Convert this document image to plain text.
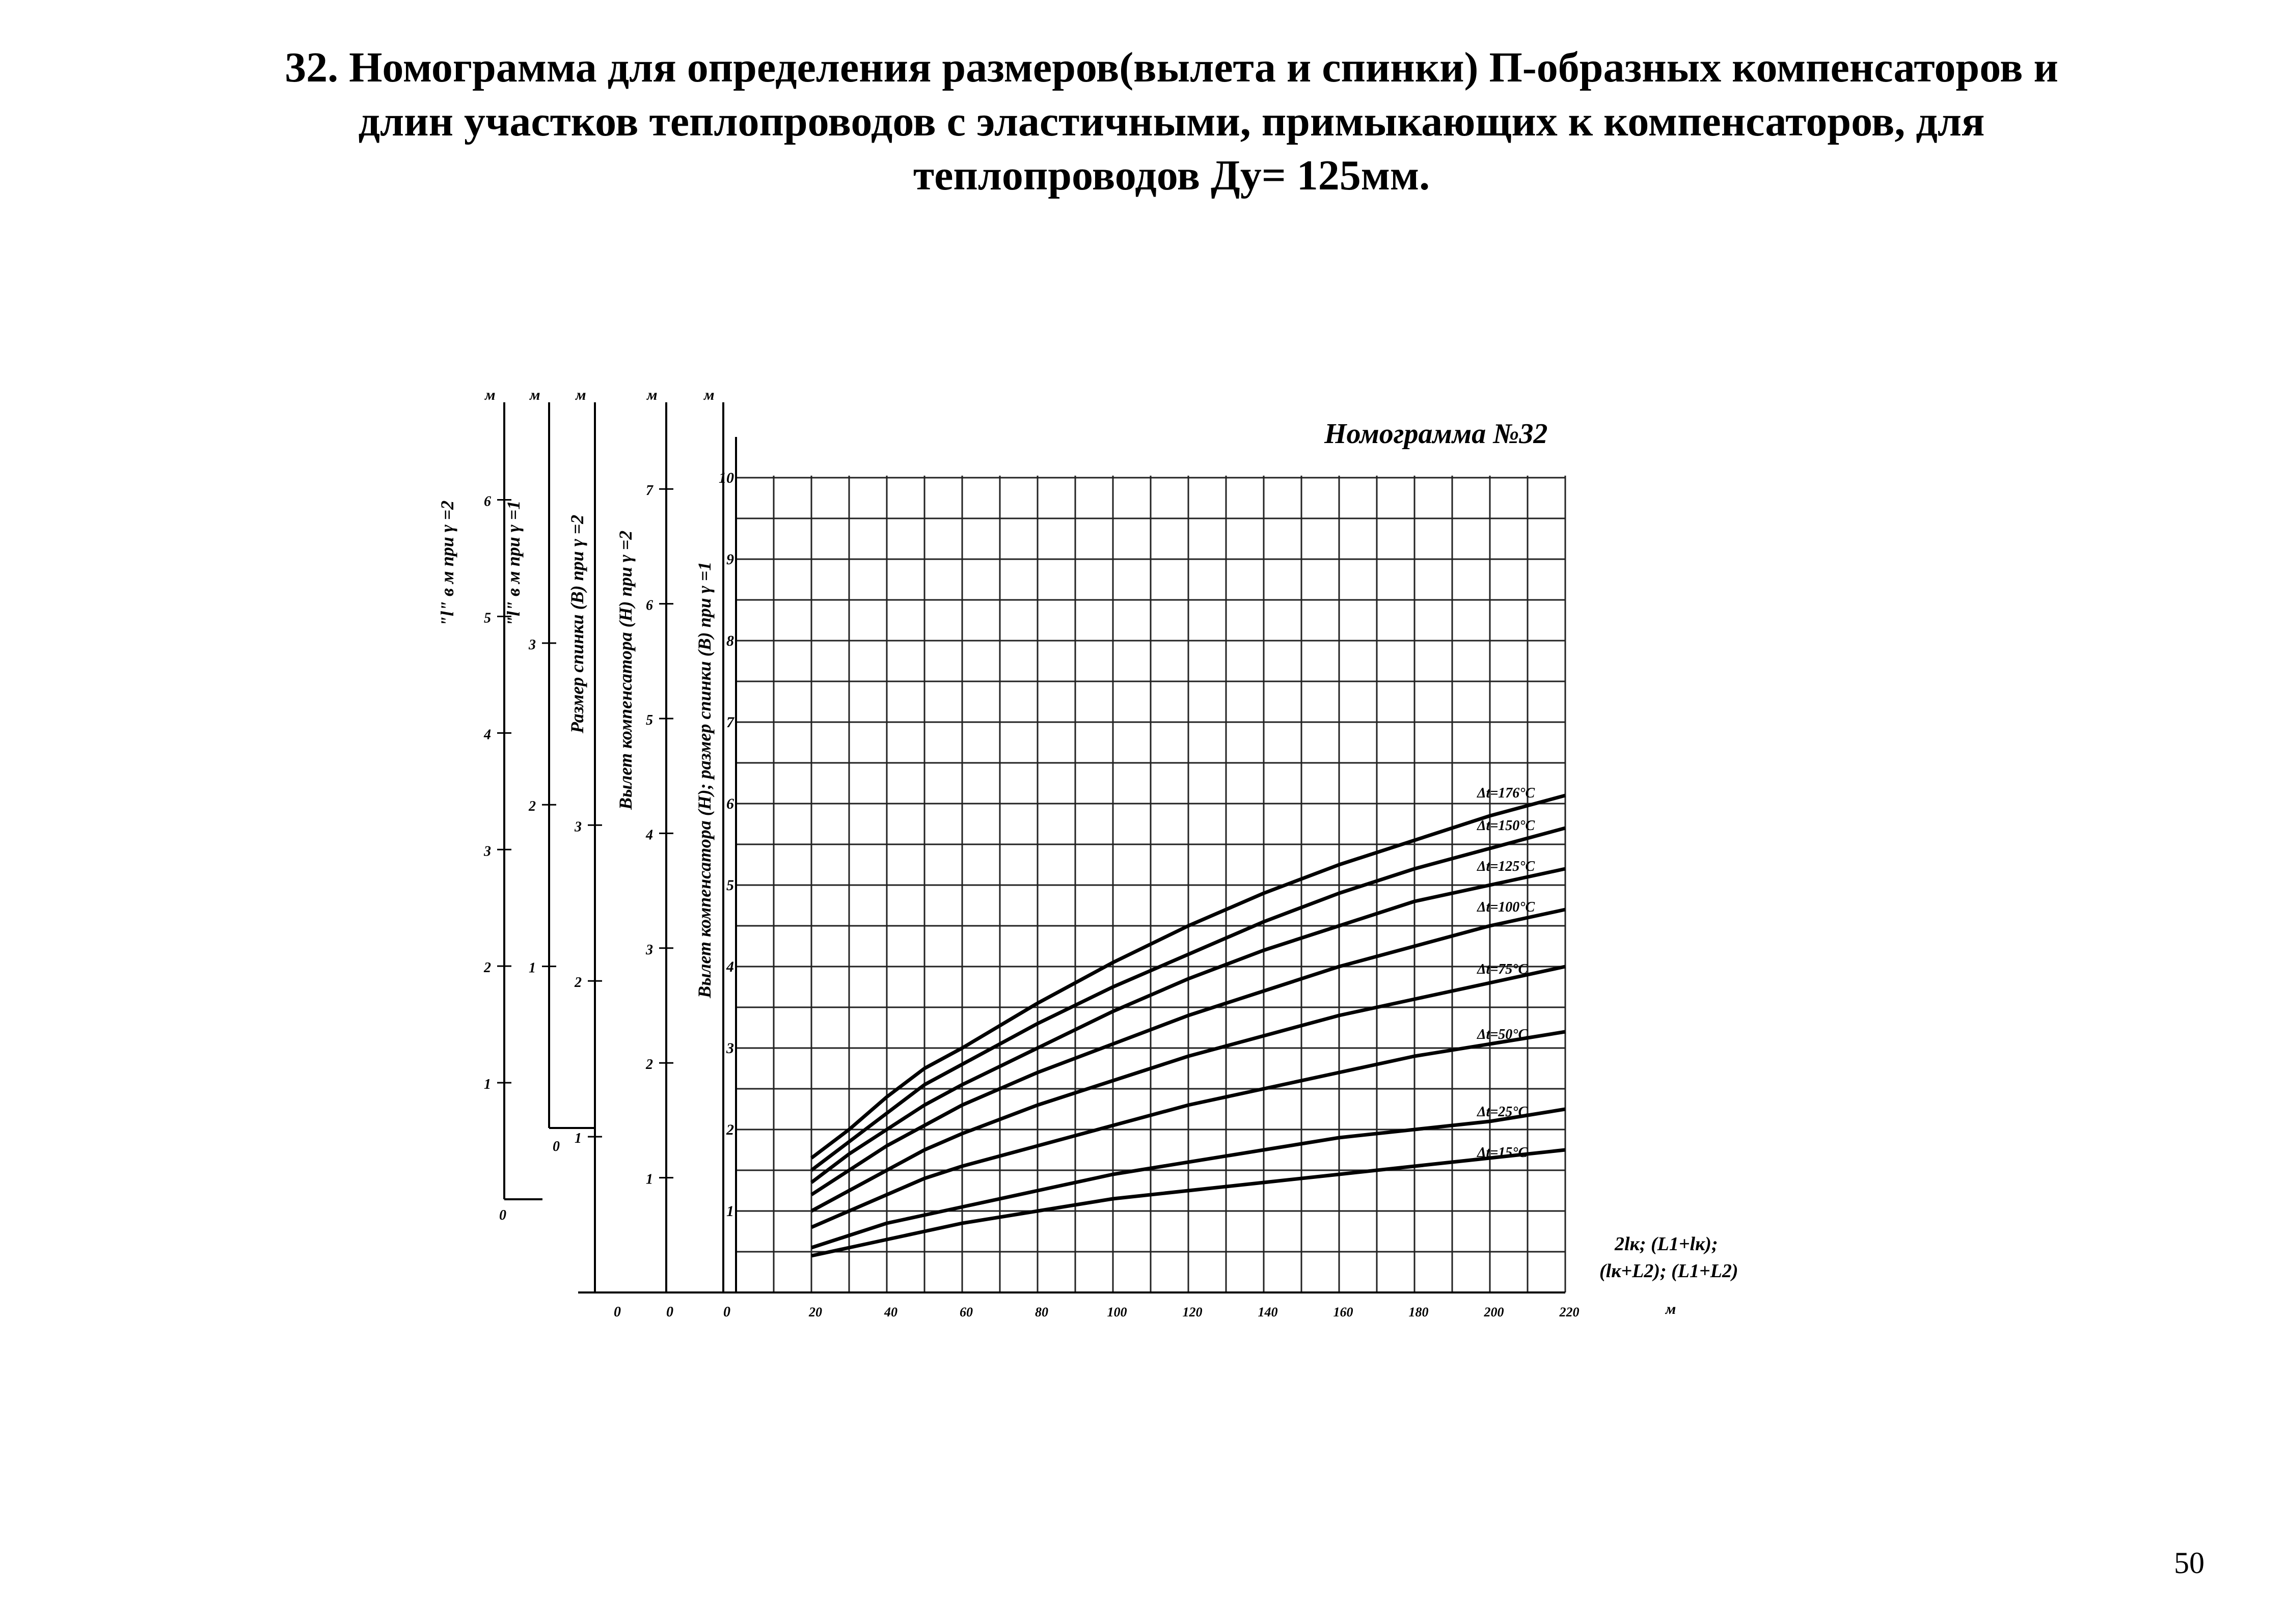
32. Номограмма для определения размеров(вылета и спинки) П-образных компенсаторов и
длин участков теплопроводов с эластичными, примыкающих к компенсаторов, для
теплопроводов Ду= 125мм.
1
2
3
4
5
6
7
8
9
10
20	40	60	80	100	120	140	160	180	200	220	м
2lк; (L1+lк);
(lк+L2); (L1+L2)
Номограмма №32
Δt=176°C
Δt=150°C
Δt=125°C
Δt=100°C
Δt=75°C
Δt=50°C
Δt=25°C
Δt=15°C
м
1
2
3
4
5
6
"l" в м при γ =2
м
1
2
3
"l" в м при γ =1
м
1
2
3
Размер спинки (В) при γ =2
м
1
2
3
4
5
6
7
Вылет компенсатора (Н) при γ =2
м
Вылет компенсатора (Н); размер спинки (В) при γ =1
0
0
0	0	0
50
